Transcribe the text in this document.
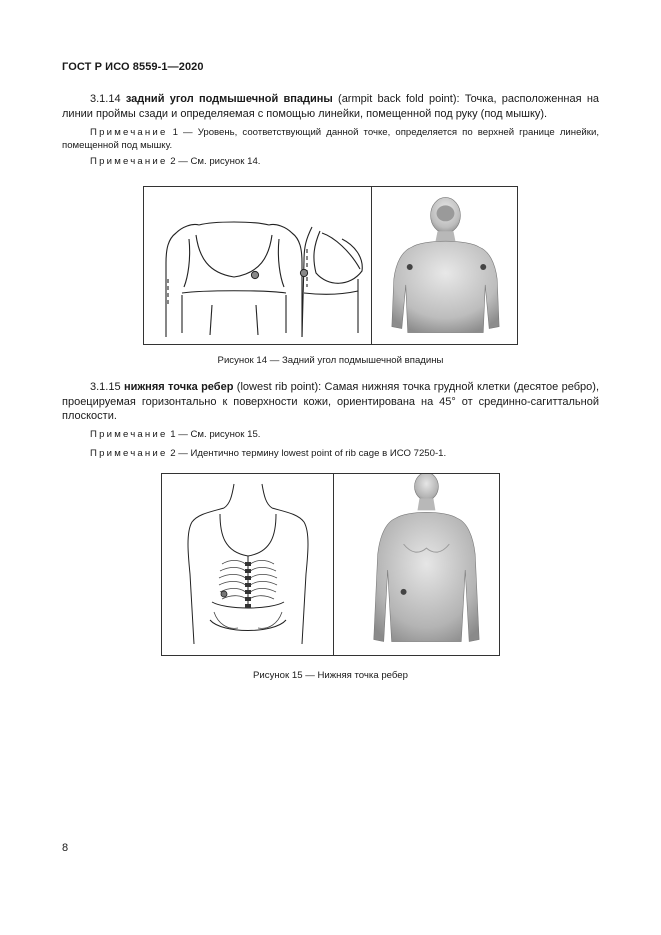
ГОСТ Р ИСО 8559-1—2020
3.1.14 задний угол подмышечной впадины (armpit back fold point): Точка, расположенная на линии проймы сзади и определяемая с помощью линейки, помещенной под руку (под мышку).
Примечание 1 — Уровень, соответствующий данной точке, определяется по верхней границе линейки, помещенной под мышку.
Примечание 2 — См. рисунок 14.
Рисунок 14 — Задний угол подмышечной впадины
3.1.15 нижняя точка ребер (lowest rib point): Самая нижняя точка грудной клетки (десятое ребро), проецируемая горизонтально к поверхности кожи, ориентирована на 45° от срединно-сагиттальной плоскости.
Примечание 1 — См. рисунок 15.
Примечание 2 — Идентично термину lowest point of rib cage в ИСО 7250-1.
Рисунок 15 — Нижняя точка ребер
8
